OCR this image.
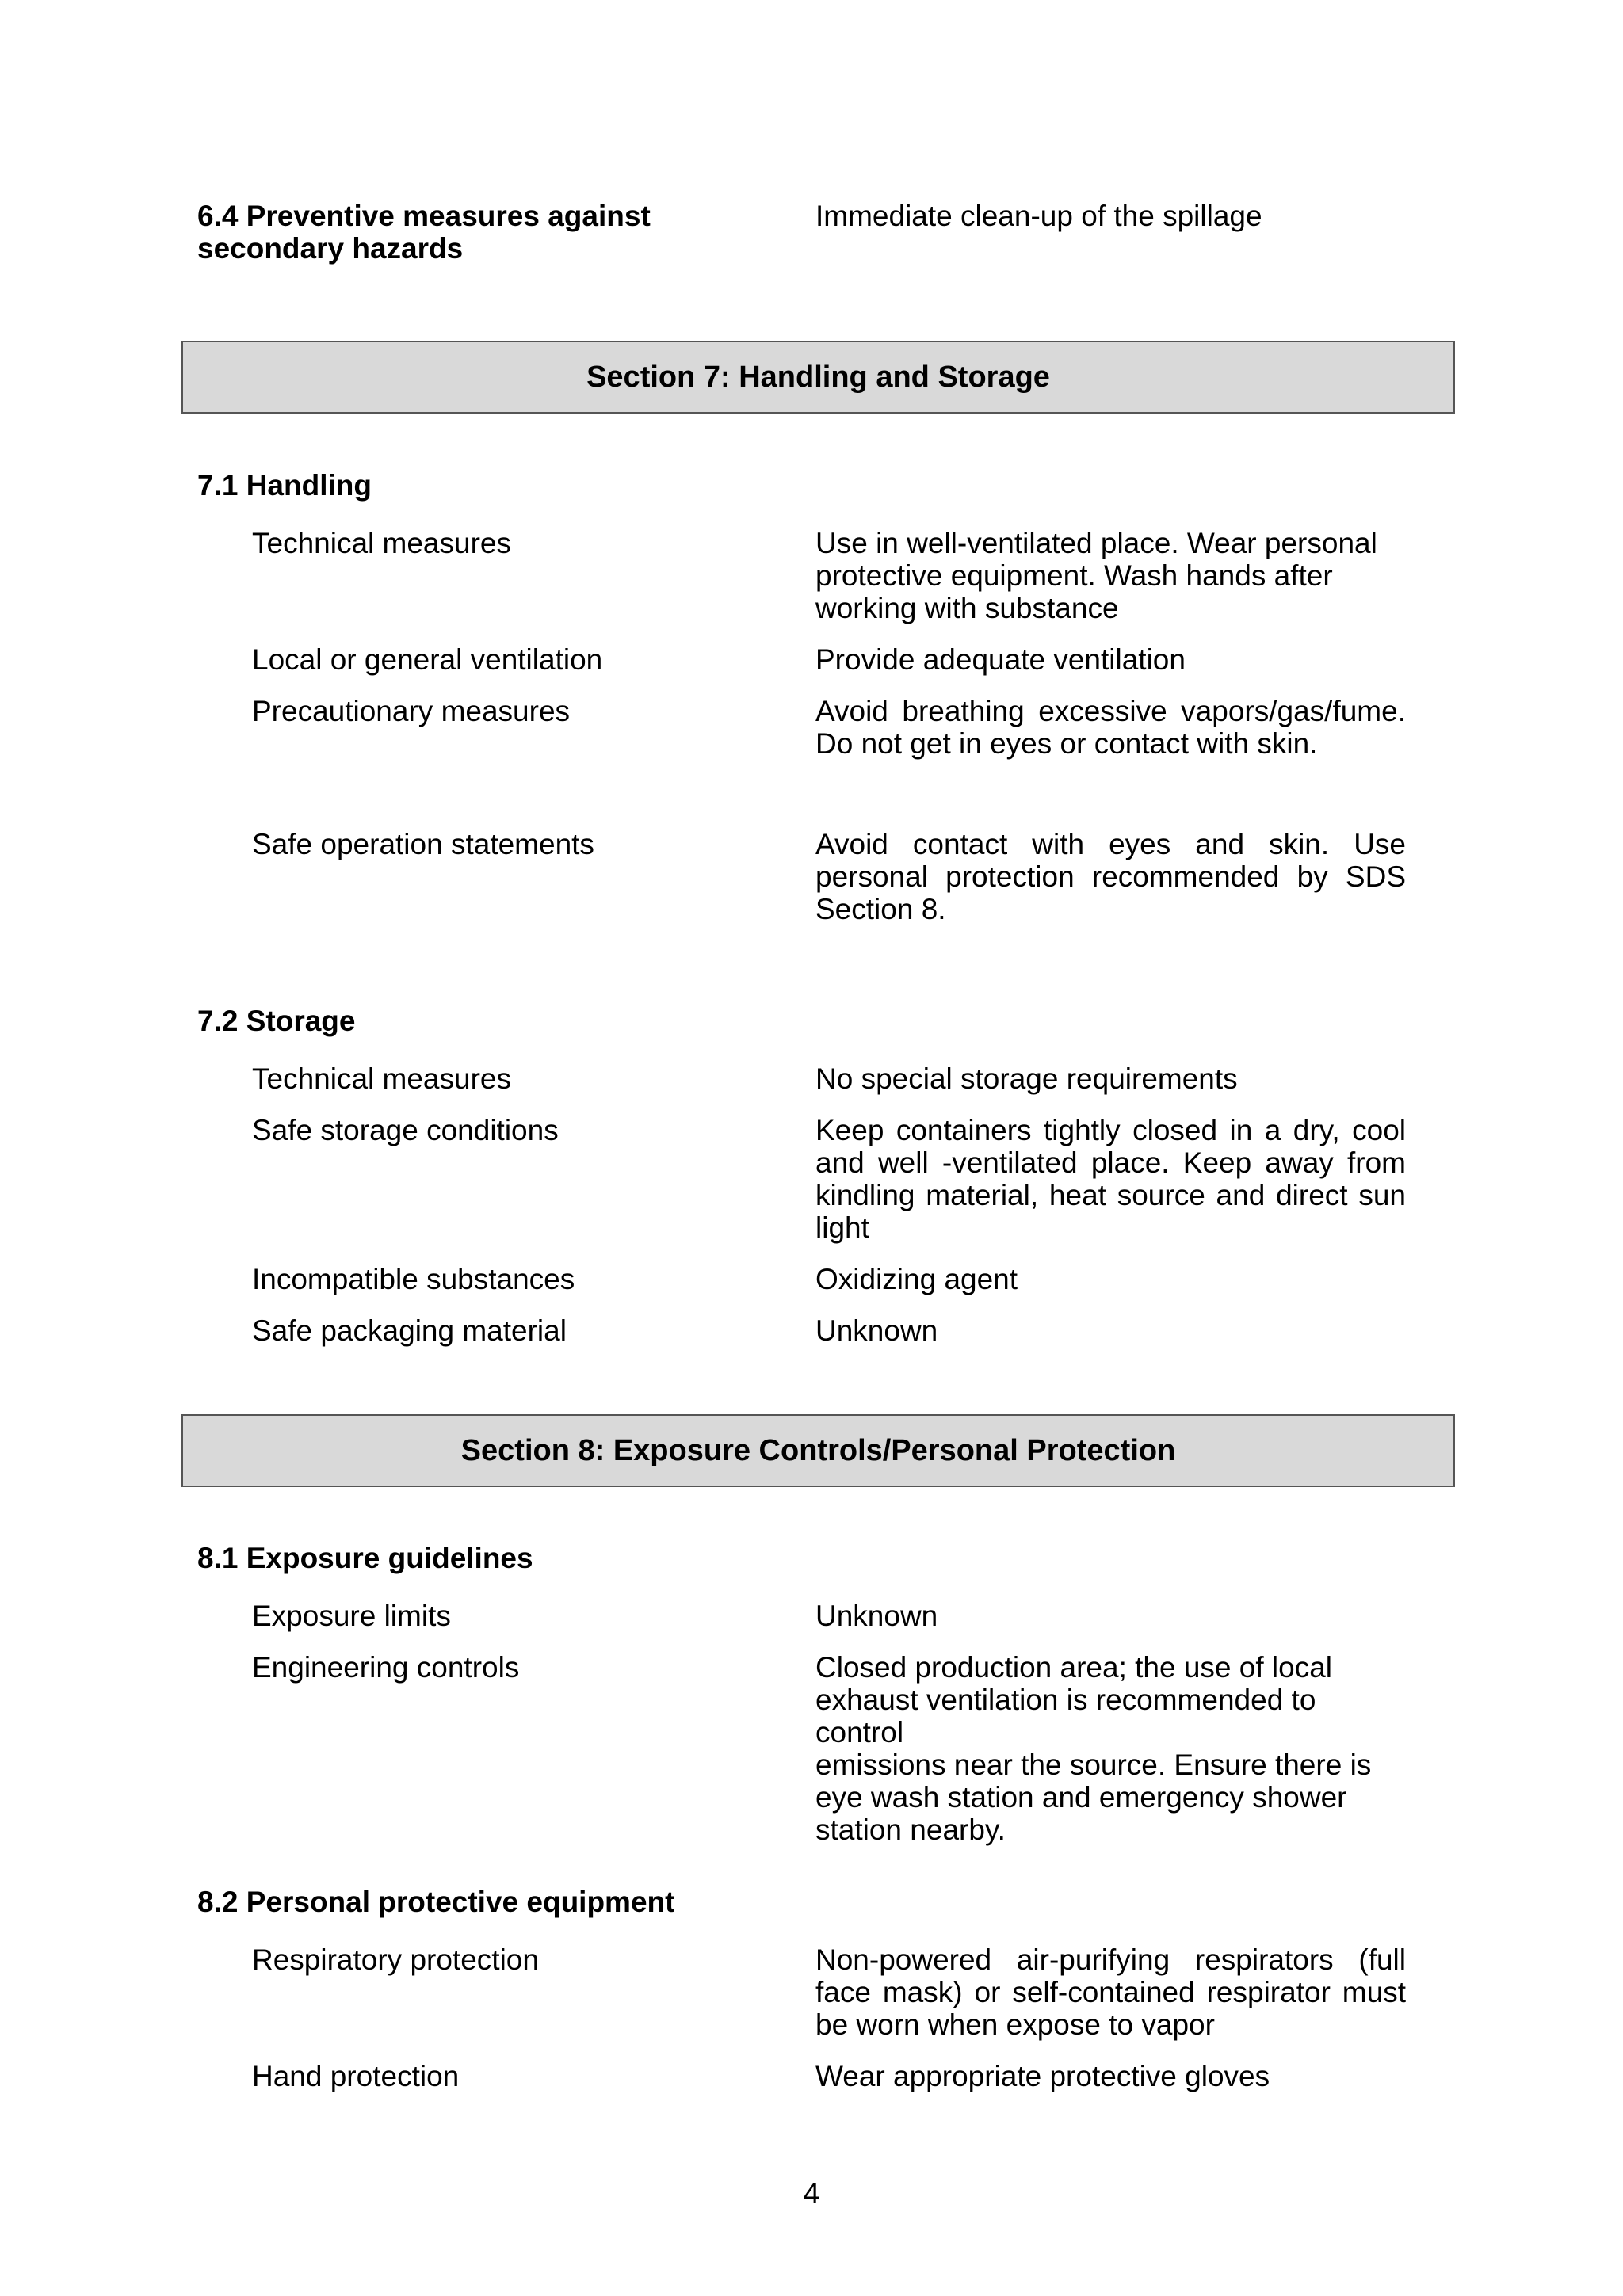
6.4 Preventive measures against
secondary hazards
Immediate clean-up of the spillage
Section 7: Handling and Storage
7.1 Handling
Technical measures	Use in well-ventilated place. Wear personal
protective equipment. Wash hands after
working with substance
Local or general ventilation	Provide adequate ventilation
Precautionary measures	Avoid breathing excessive vapors/gas/fume.
Do not get in eyes or contact with skin.
Safe operation statements	Avoid contact with eyes and skin. Use
personal protection recommended by SDS
Section 8.
7.2 Storage
Technical measures	No special storage requirements
Safe storage conditions	Keep containers tightly closed in a dry, cool
and well -ventilated place. Keep away from
kindling material, heat source and direct sun
light
Incompatible substances	Oxidizing agent
Safe packaging material	Unknown
Section 8: Exposure Controls/Personal Protection
8.1 Exposure guidelines
Exposure limits	Unknown
Engineering controls	Closed production area; the use of local
exhaust ventilation is recommended to control
emissions near the source. Ensure there is
eye wash station and emergency shower
station nearby.
8.2 Personal protective equipment
Respiratory protection	Non-powered air-purifying respirators (full
face mask) or self-contained respirator must
be worn when expose to vapor
Hand protection	Wear appropriate protective gloves
4
